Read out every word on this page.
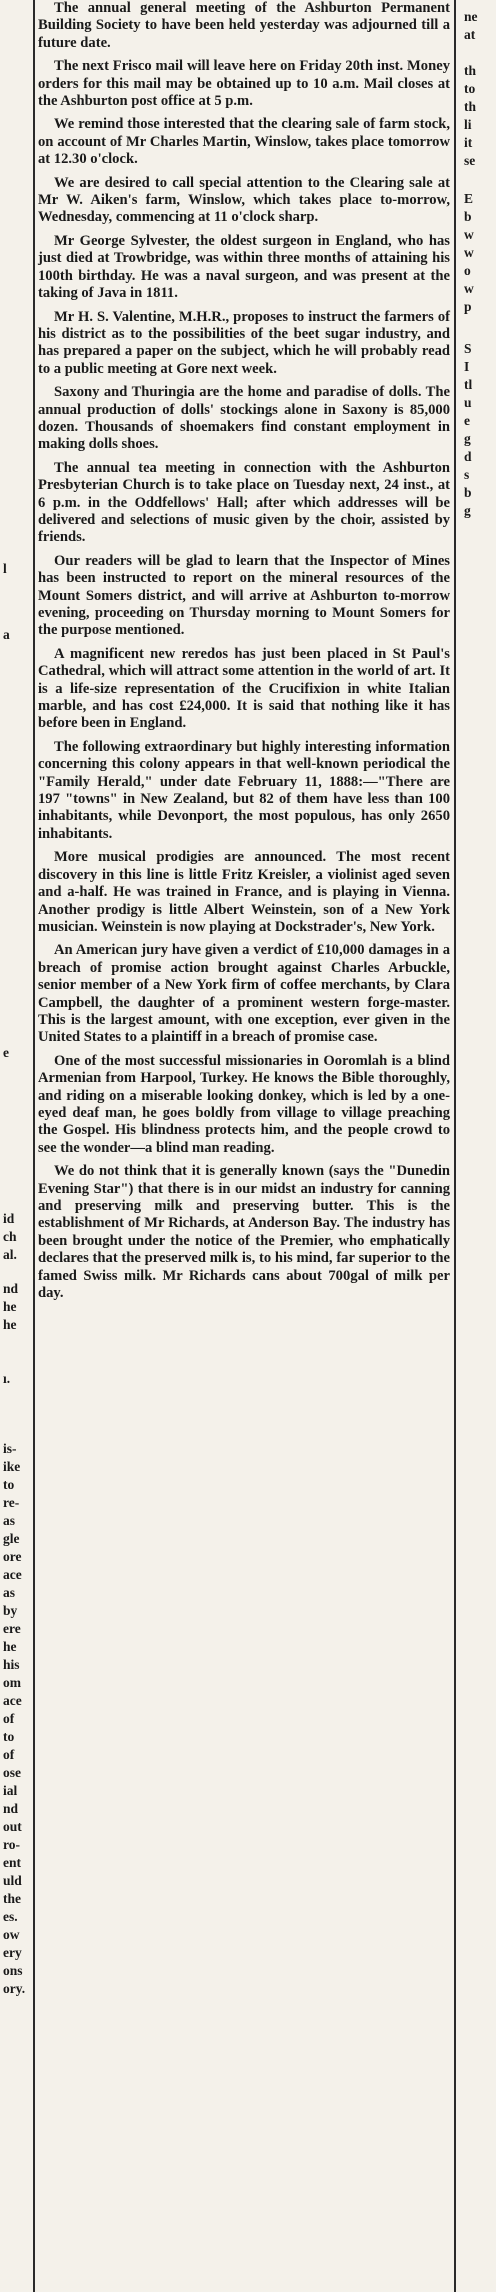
l
a
e
id
ch
al.
nd
he
he
ı.
is-
ike
to
re-
as
gle
ore
ace
as
by
ere
he
his
om
ace
of
to
of
ose
ial
nd
out
ro-
ent
uld
the
es.
ow
ery
ons
ory.

The annual general meeting of the Ashburton Permanent Building Society to have been held yesterday was adjourned till a future date.

The next Frisco mail will leave here on Friday 20th inst. Money orders for this mail may be obtained up to 10 a.m. Mail closes at the Ashburton post office at 5 p.m.

We remind those interested that the clearing sale of farm stock, on account of Mr Charles Martin, Winslow, takes place tomorrow at 12.30 o'clock.

We are desired to call special attention to the Clearing sale at Mr W. Aiken's farm, Winslow, which takes place to-morrow, Wednesday, commencing at 11 o'clock sharp.

Mr George Sylvester, the oldest surgeon in England, who has just died at Trowbridge, was within three months of attaining his 100th birthday. He was a naval surgeon, and was present at the taking of Java in 1811.

Mr H. S. Valentine, M.H.R., proposes to instruct the farmers of his district as to the possibilities of the beet sugar industry, and has prepared a paper on the subject, which he will probably read to a public meeting at Gore next week.

Saxony and Thuringia are the home and paradise of dolls. The annual production of dolls' stockings alone in Saxony is 85,000 dozen. Thousands of shoemakers find constant employment in making dolls shoes.

The annual tea meeting in connection with the Ashburton Presbyterian Church is to take place on Tuesday next, 24 inst., at 6 p.m. in the Oddfellows' Hall; after which addresses will be delivered and selections of music given by the choir, assisted by friends.

Our readers will be glad to learn that the Inspector of Mines has been instructed to report on the mineral resources of the Mount Somers district, and will arrive at Ashburton to-morrow evening, proceeding on Thursday morning to Mount Somers for the purpose mentioned.

A magnificent new reredos has just been placed in St Paul's Cathedral, which will attract some attention in the world of art. It is a life-size representation of the Crucifixion in white Italian marble, and has cost £24,000. It is said that nothing like it has before been in England.

The following extraordinary but highly interesting information concerning this colony appears in that well-known periodical the "Family Herald," under date February 11, 1888:—"There are 197 "towns" in New Zealand, but 82 of them have less than 100 inhabitants, while Devonport, the most populous, has only 2650 inhabitants.

More musical prodigies are announced. The most recent discovery in this line is little Fritz Kreisler, a violinist aged seven and a-half. He was trained in France, and is playing in Vienna. Another prodigy is little Albert Weinstein, son of a New York musician. Weinstein is now playing at Dockstrader's, New York.

An American jury have given a verdict of £10,000 damages in a breach of promise action brought against Charles Arbuckle, senior member of a New York firm of coffee merchants, by Clara Campbell, the daughter of a prominent western forge-master. This is the largest amount, with one exception, ever given in the United States to a plaintiff in a breach of promise case.

One of the most successful missionaries in Ooromlah is a blind Armenian from Harpool, Turkey. He knows the Bible thoroughly, and riding on a miserable looking donkey, which is led by a one-eyed deaf man, he goes boldly from village to village preaching the Gospel. His blindness protects him, and the people crowd to see the wonder—a blind man reading.

We do not think that it is generally known (says the "Dunedin Evening Star") that there is in our midst an industry for canning and preserving milk and preserving butter. This is the establishment of Mr Richards, at Anderson Bay. The industry has been brought under the notice of the Premier, who emphatically declares that the preserved milk is, to his mind, far superior to the famed Swiss milk. Mr Richards cans about 700gal of milk per day.

ne
at
th
to
th
li
it
se
E
b
w
w
o
w
p
S
I
tl
u
e
g
d
s
b
g
